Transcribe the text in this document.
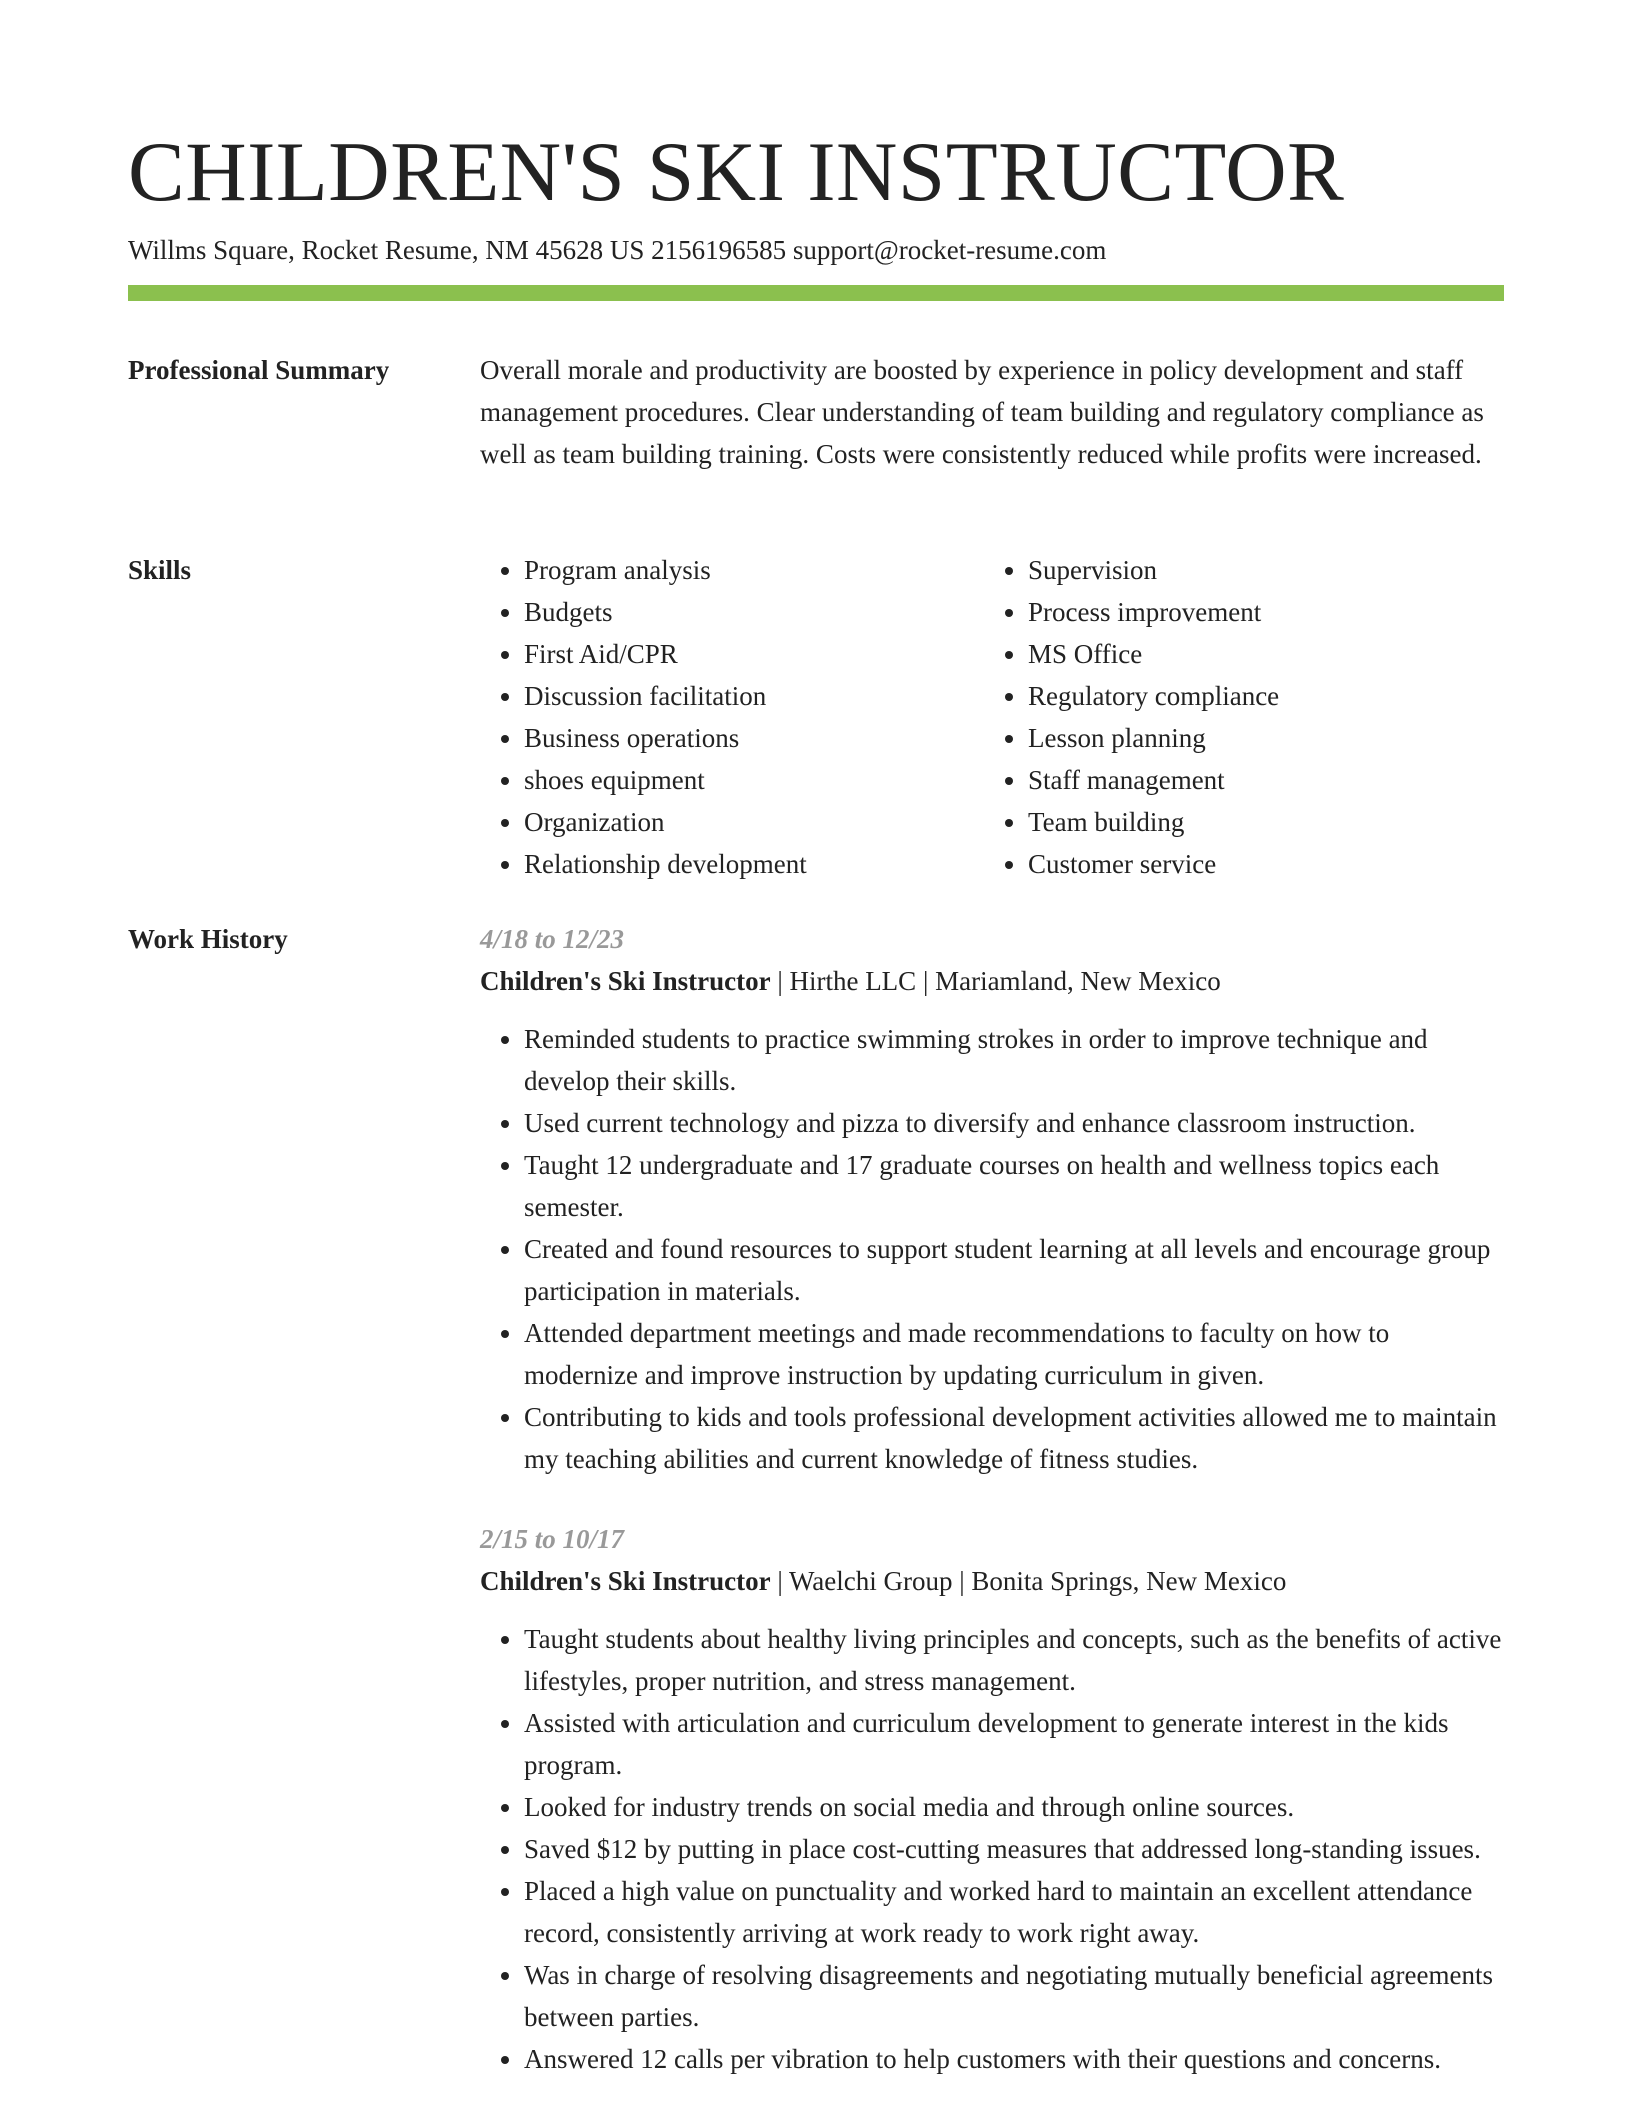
CHILDREN'S SKI INSTRUCTOR
Willms Square, Rocket Resume, NM 45628 US 2156196585 support@rocket-resume.com
Professional Summary	Overall morale and productivity are boosted by experience in policy development and staff management procedures. Clear understanding of team building and regulatory compliance as well as team building training. Costs were consistently reduced while profits were increased.

Skills
•	Program analysis
• Budgets
• First Aid/CPR
• Discussion facilitation
• Business operations
• shoes equipment
• Organization
• Relationship development
• Supervision
• Process improvement
• MS Office
• Regulatory compliance
• Lesson planning
• Staff management
• Team building
• Customer service
Work History	4/18 to 12/23
Children's Ski Instructor | Hirthe LLC | Mariamland, New Mexico
• Reminded students to practice swimming strokes in order to improve technique and develop their skills.
• Used current technology and pizza to diversify and enhance classroom instruction.
• Taught 12 undergraduate and 17 graduate courses on health and wellness topics each semester.
• Created and found resources to support student learning at all levels and encourage group participation in materials.
• Attended department meetings and made recommendations to faculty on how to modernize and improve instruction by updating curriculum in given.
• Contributing to kids and tools professional development activities allowed me to maintain my teaching abilities and current knowledge of fitness studies.
2/15 to 10/17
Children's Ski Instructor | Waelchi Group | Bonita Springs, New Mexico
• Taught students about healthy living principles and concepts, such as the benefits of active lifestyles, proper nutrition, and stress management.
• Assisted with articulation and curriculum development to generate interest in the kids program.
• Looked for industry trends on social media and through online sources.
• Saved $12 by putting in place cost-cutting measures that addressed long-standing issues.
• Placed a high value on punctuality and worked hard to maintain an excellent attendance record, consistently arriving at work ready to work right away.
• Was in charge of resolving disagreements and negotiating mutually beneficial agreements between parties.
• Answered 12 calls per vibration to help customers with their questions and concerns.
